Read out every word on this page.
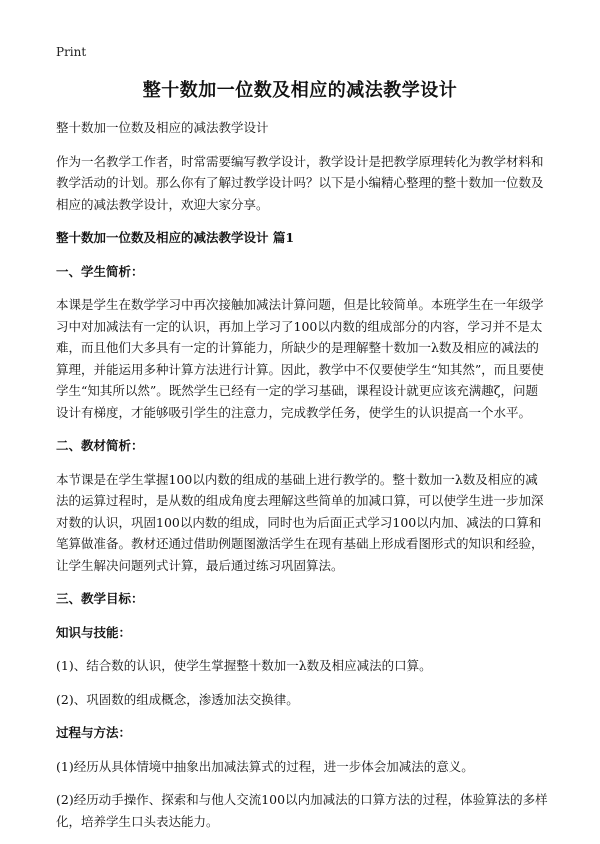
Print
整十数加一位数及相应的减法教学设计

整十数加一位数及相应的减法教学设计

作为一名教学工作者，时常需要编写教学设计，教学设计是把教学原理转化为教学材料和教学活动的计划。那么你有了解过教学设计吗？以下是小编精心整理的整十数加一位数及相应的减法教学设计，欢迎大家分享。

整十数加一位数及相应的减法教学设计 篇1

一、学生简析：

本课是学生在数学学习中再次接触加减法计算问题，但是比较简单。本班学生在一年级学习中对加减法有一定的认识，再加上学习了100以内数的组成部分的内容，学习并不是太难，而且他们大多具有一定的计算能力，所缺少的是理解整十数加一λ数及相应的减法的算理，并能运用多种计算方法进行计算。因此，教学中不仅要使学生“知其然”，而且要使学生“知其所以然”。既然学生已经有一定的学习基础，课程设计就更应该充满趣ζ，问题设计有梯度，才能够吸引学生的注意力，完成教学任务，使学生的认识提高一个水平。

二、教材简析：

本节课是在学生掌握100以内数的组成的基础上进行教学的。整十数加一λ数及相应的减法的运算过程时，是从数的组成角度去理解这些简单的加减口算，可以使学生进一步加深对数的认识，巩固100以内数的组成，同时也为后面正式学习100以内加、减法的口算和笔算做准备。教材还通过借助例题图激活学生在现有基础上形成看图形式的知识和经验，让学生解决问题列式计算，最后通过练习巩固算法。

三、教学目标：

知识与技能：

(1)、结合数的认识，使学生掌握整十数加一λ数及相应减法的口算。

(2)、巩固数的组成概念，渗透加法交换律。

过程与方法：

(1)经历从具体情境中抽象出加减法算式的过程，进一步体会加减法的意义。

(2)经历动手操作、探索和与他人交流100以内加减法的口算方法的过程，体验算法的多样化，培养学生口头表达能力。
